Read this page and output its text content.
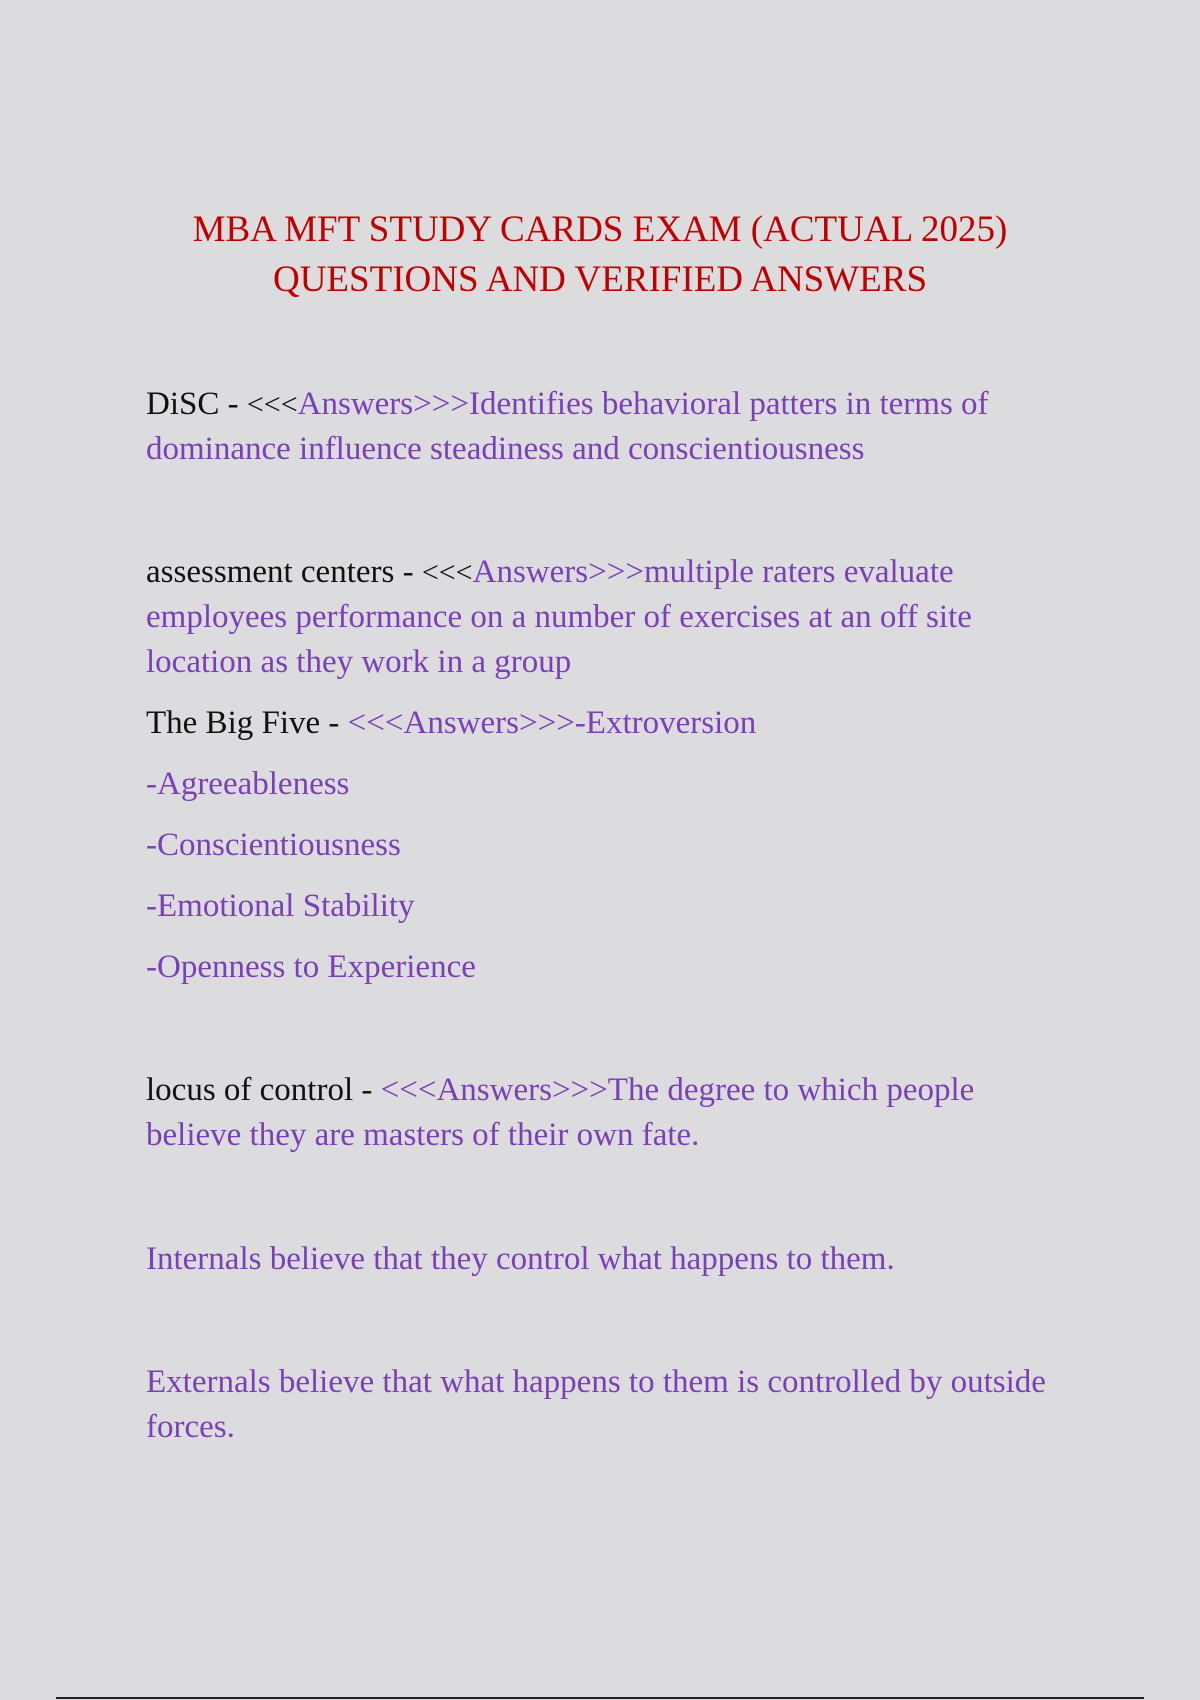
MBA MFT STUDY CARDS EXAM (ACTUAL 2025)
QUESTIONS AND VERIFIED ANSWERS
DiSC - <<<Answers>>>Identifies behavioral patters in terms of dominance influence steadiness and conscientiousness
assessment centers - <<<Answers>>>multiple raters evaluate employees performance on a number of exercises at an off site location as they work in a group
The Big Five - <<<Answers>>>-Extroversion
-Agreeableness
-Conscientiousness
-Emotional Stability
-Openness to Experience
locus of control - <<<Answers>>>The degree to which people believe they are masters of their own fate.
Internals believe that they control what happens to them.
Externals believe that what happens to them is controlled by outside forces.
